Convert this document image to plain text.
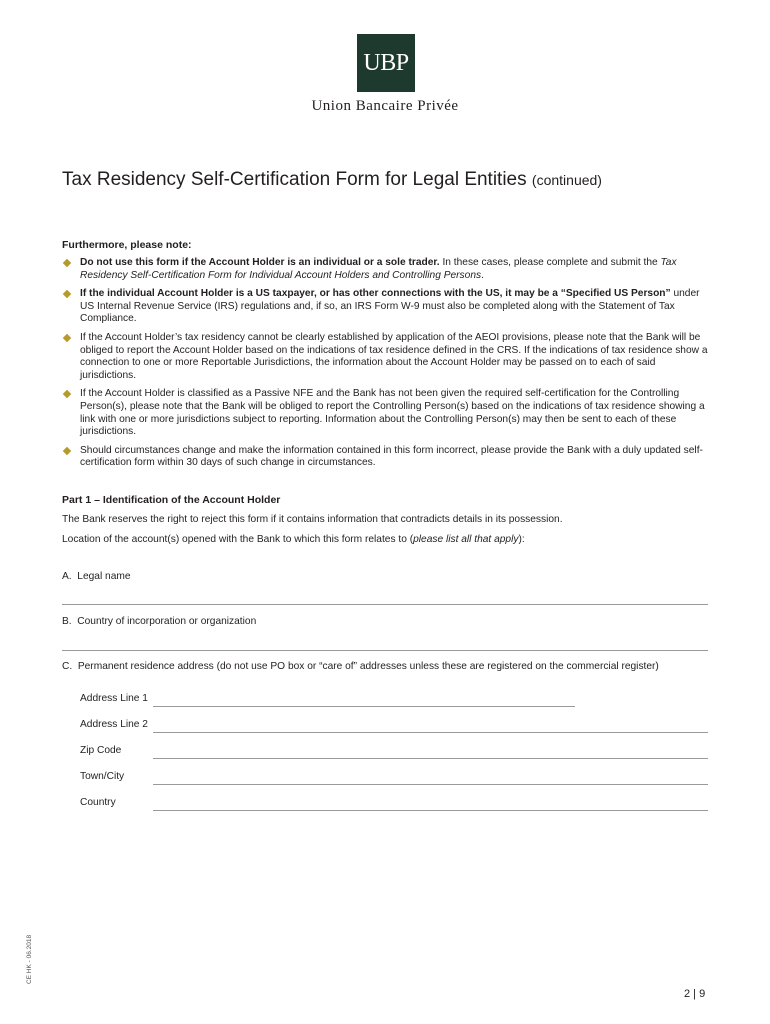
UBP
Union Bancaire Privée
Tax Residency Self-Certification Form for Legal Entities (continued)
Furthermore, please note:
Do not use this form if the Account Holder is an individual or a sole trader. In these cases, please complete and submit the Tax Residency Self-Certification Form for Individual Account Holders and Controlling Persons.
If the individual Account Holder is a US taxpayer, or has other connections with the US, it may be a “Specified US Person” under US Internal Revenue Service (IRS) regulations and, if so, an IRS Form W-9 must also be completed along with the Statement of Tax Compliance.
If the Account Holder’s tax residency cannot be clearly established by application of the AEOI provisions, please note that the Bank will be obliged to report the Account Holder based on the indications of tax residence defined in the CRS. If the indications of tax residence show a connection to one or more Reportable Jurisdictions, the information about the Account Holder may be passed on to each of said jurisdictions.
If the Account Holder is classified as a Passive NFE and the Bank has not been given the required self-certification for the Controlling Person(s), please note that the Bank will be obliged to report the Controlling Person(s) based on the indications of tax residence showing a link with one or more jurisdictions subject to reporting. Information about the Controlling Person(s) may then be sent to each of these jurisdictions.
Should circumstances change and make the information contained in this form incorrect, please provide the Bank with a duly updated self-certification form within 30 days of such change in circumstances.
Part 1 – Identification of the Account Holder
The Bank reserves the right to reject this form if it contains information that contradicts details in its possession.
Location of the account(s) opened with the Bank to which this form relates to (please list all that apply):
A.  Legal name
B.  Country of incorporation or organization
C.  Permanent residence address (do not use PO box or “care of” addresses unless these are registered on the commercial register)
Address Line 1
Address Line 2
Zip Code
Town/City
Country
CE HK - 06.2018
2 | 9
